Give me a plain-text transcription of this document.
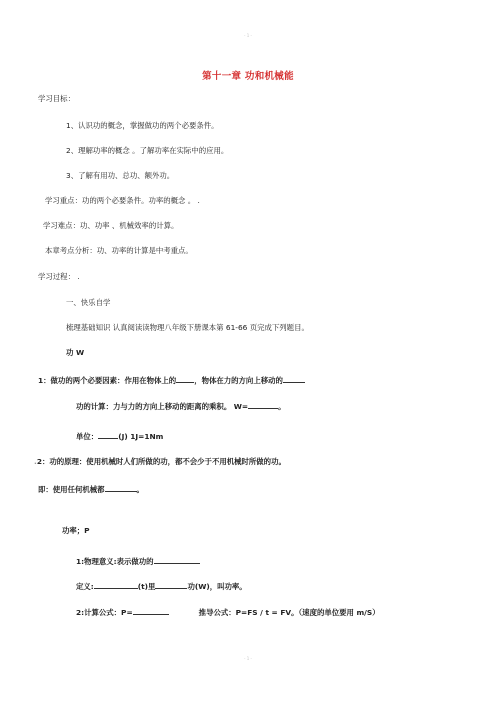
- 1 -
第十一章 功和机械能
学习目标：
1、认识功的概念，掌握做功的两个必要条件。
2、理解功率的概念 。了解功率在实际中的应用。
3、了解有用功、总功、额外功。
学习重点：功的两个必要条件。功率的概念 。 .
学习难点：功、功率 、机械效率的计算。
本章考点分析：功、功率的计算是中考重点。
学习过程： .
一、快乐自学
梳理基础知识 认真阅读读物理八年级下册课本第 61-66 页完成下列题目。
功 W
1：做功的两个必要因素：作用在物体上的 ，物体在力的方向上移动的
功的计算：力与力的方向上移动的距离的乘积。 W=	。
单位：	(J) 1J=1Nm
.2：功的原理：使用机械时人们所做的功，都不会少于不用机械时所做的功。
即：使用任何机械都	。
功率；P
1:物理意义:表示做功的
定义:	(t)里	功(W)，叫功率。
2:计算公式：P=	推导公式：P=FS / t = FV。（速度的单位要用 m/S）
- 1 -
